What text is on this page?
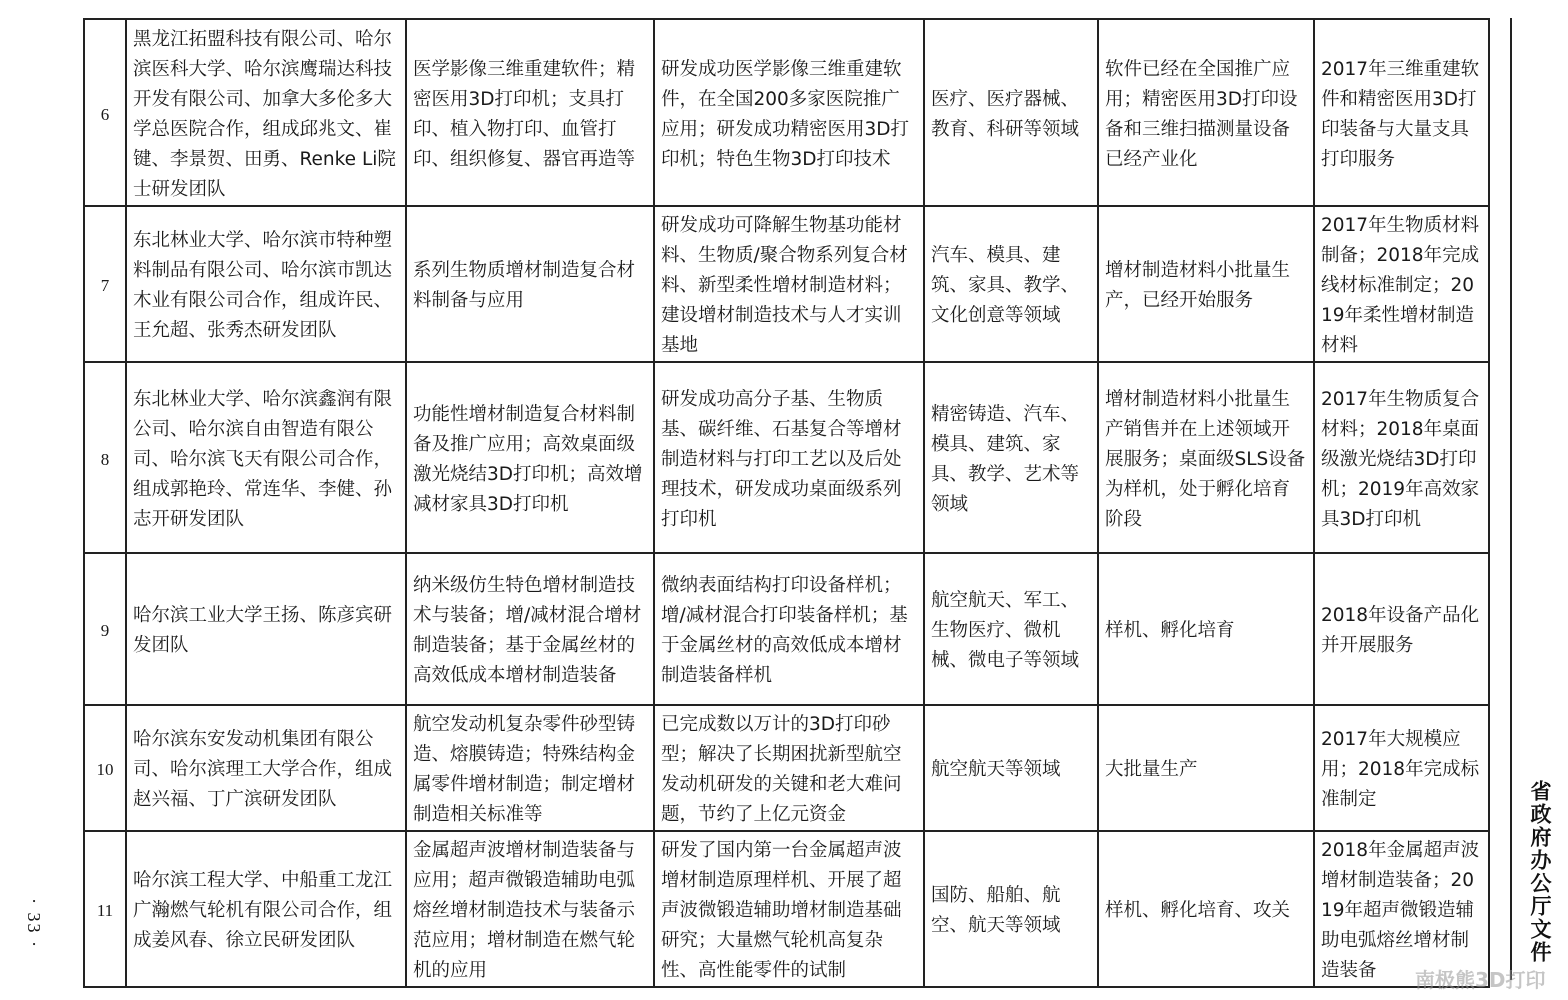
6	黑龙江拓盟科技有限公司、哈尔滨医科大学、哈尔滨鹰瑞达科技开发有限公司、加拿大多伦多大学总医院合作，组成邱兆文、崔键、李景贺、田勇、Renke Li院士研发团队	医学影像三维重建软件；精密医用3D打印机；支具打印、植入物打印、血管打印、组织修复、器官再造等	研发成功医学影像三维重建软件，在全国200多家医院推广应用；研发成功精密医用3D打印机；特色生物3D打印技术	医疗、医疗器械、教育、科研等领域	软件已经在全国推广应用；精密医用3D打印设备和三维扫描测量设备已经产业化	2017年三维重建软件和精密医用3D打印装备与大量支具打印服务
7	东北林业大学、哈尔滨市特种塑料制品有限公司、哈尔滨市凯达木业有限公司合作，组成许民、王允超、张秀杰研发团队	系列生物质增材制造复合材料制备与应用	研发成功可降解生物基功能材料、生物质/聚合物系列复合材料、新型柔性增材制造材料；建设增材制造技术与人才实训基地	汽车、模具、建筑、家具、教学、文化创意等领域	增材制造材料小批量生产，已经开始服务	2017年生物质材料制备；2018年完成线材标准制定；2019年柔性增材制造材料
8	东北林业大学、哈尔滨鑫润有限公司、哈尔滨自由智造有限公司、哈尔滨飞天有限公司合作，组成郭艳玲、常连华、李健、孙志开研发团队	功能性增材制造复合材料制备及推广应用；高效桌面级激光烧结3D打印机；高效增减材家具3D打印机	研发成功高分子基、生物质基、碳纤维、石基复合等增材制造材料与打印工艺以及后处理技术，研发成功桌面级系列打印机	精密铸造、汽车、模具、建筑、家具、教学、艺术等领域	增材制造材料小批量生产销售并在上述领域开展服务；桌面级SLS设备为样机，处于孵化培育阶段	2017年生物质复合材料；2018年桌面级激光烧结3D打印机；2019年高效家具3D打印机
9	哈尔滨工业大学王扬、陈彦宾研发团队	纳米级仿生特色增材制造技术与装备；增/减材混合增材制造装备；基于金属丝材的高效低成本增材制造装备	微纳表面结构打印设备样机；增/减材混合打印装备样机；基于金属丝材的高效低成本增材制造装备样机	航空航天、军工、生物医疗、微机械、微电子等领域	样机、孵化培育	2018年设备产品化并开展服务
10	哈尔滨东安发动机集团有限公司、哈尔滨理工大学合作，组成赵兴福、丁广滨研发团队	航空发动机复杂零件砂型铸造、熔膜铸造；特殊结构金属零件增材制造；制定增材制造相关标准等	已完成数以万计的3D打印砂型；解决了长期困扰新型航空发动机研发的关键和老大难问题，节约了上亿元资金	航空航天等领域	大批量生产	2017年大规模应用；2018年完成标准制定
11	哈尔滨工程大学、中船重工龙江广瀚燃气轮机有限公司合作，组成姜风春、徐立民研发团队	金属超声波增材制造装备与应用；超声微锻造辅助电弧熔丝增材制造技术与装备示范应用；增材制造在燃气轮机的应用	研发了国内第一台金属超声波增材制造原理样机、开展了超声波微锻造辅助增材制造基础研究；大量燃气轮机高复杂性、高性能零件的试制	国防、船舶、航空、航天等领域	样机、孵化培育、攻关	2018年金属超声波增材制造装备；2019年超声微锻造辅助电弧熔丝增材制造装备
省政府办公厅文件
· 33 ·
南极熊3D打印
